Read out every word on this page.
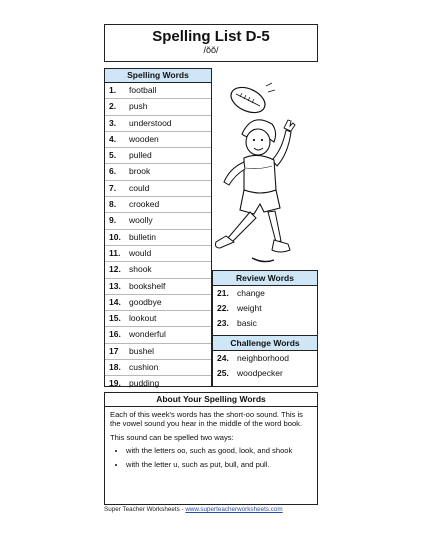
Spelling List D-5
/ŏŏ/
Spelling Words
1.	football
2.	push
3.	understood
4.	wooden
5.	pulled
6.	brook
7.	could
8.	crooked
9.	woolly
10. bulletin
11.	would
12. shook
13. bookshelf
14. goodbye
15. lookout
16. wonderful
17	bushel
18. cushion
19. pudding
Review Words
21. change
22. weight
23. basic
Challenge Words
24. neighborhood
25. woodpecker
About Your Spelling Words

Each of this week's words has the short-oo sound. This is the vowel sound you hear in the middle of the word book.

This sound can be spelled two ways:

• with the letters oo, such as good, look, and shook
• with the letter u, such as put, bull, and pull.
Super Teacher Worksheets - www.superteacherworksheets.com
